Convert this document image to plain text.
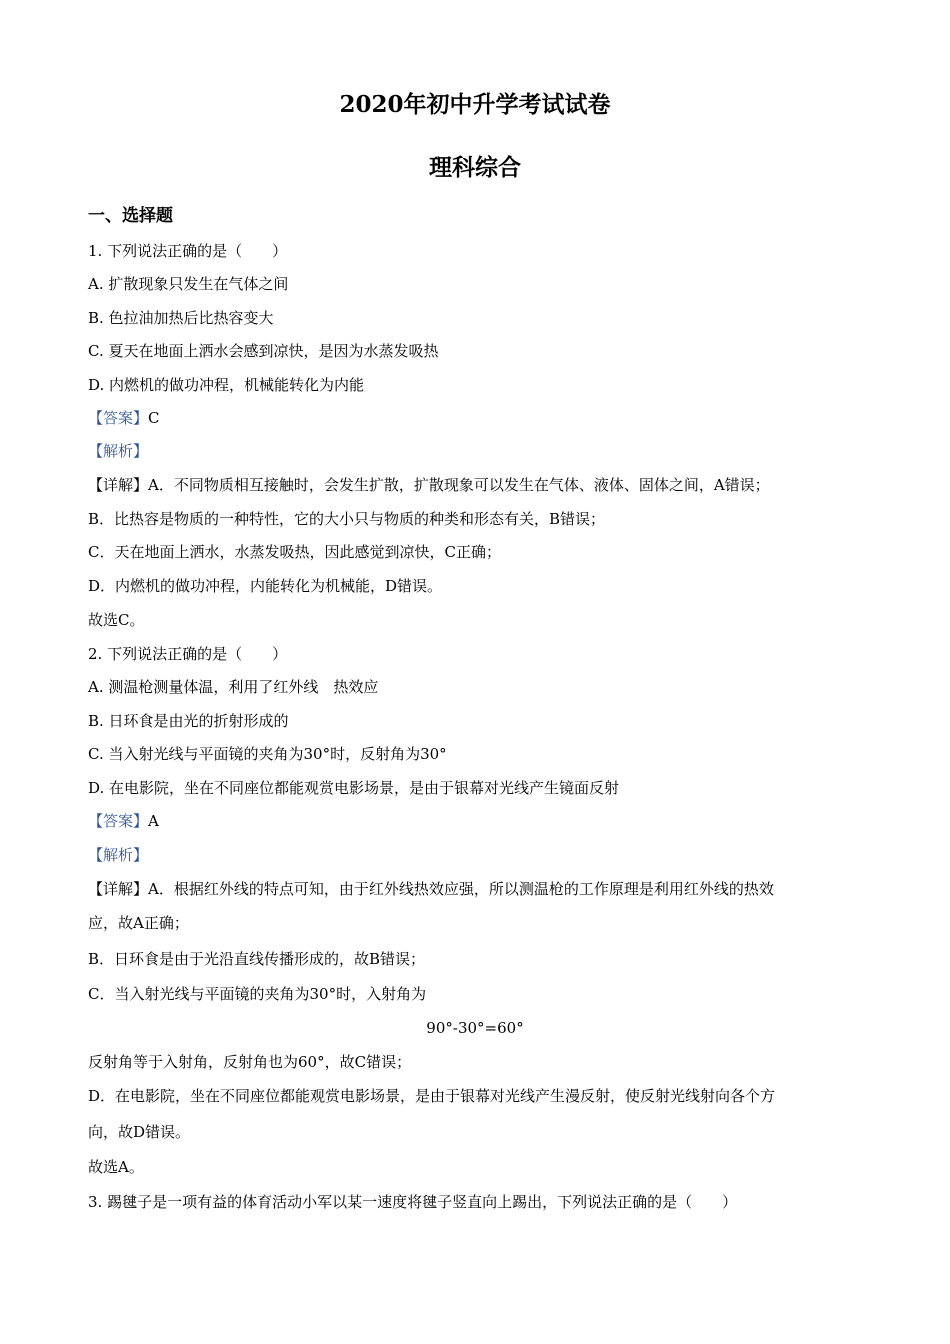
2020年初中升学考试试卷
理科综合
一、选择题
1. 下列说法正确的是（　　）
A. 扩散现象只发生在气体之间
B. 色拉油加热后比热容变大
C. 夏天在地面上洒水会感到凉快，是因为水蒸发吸热
D. 内燃机的做功冲程，机械能转化为内能
【答案】C
【解析】
【详解】A．不同物质相互接触时，会发生扩散，扩散现象可以发生在气体、液体、固体之间，A错误；
B．比热容是物质的一种特性，它的大小只与物质的种类和形态有关，B错误；
C．天在地面上洒水，水蒸发吸热，因此感觉到凉快，C正确；
D．内燃机的做功冲程，内能转化为机械能，D错误。
故选C。
2. 下列说法正确的是（　　）
A. 测温枪测量体温，利用了红外线　热效应
B. 日环食是由光的折射形成的
C. 当入射光线与平面镜的夹角为30°时，反射角为30°
D. 在电影院，坐在不同座位都能观赏电影场景，是由于银幕对光线产生镜面反射
【答案】A
【解析】
【详解】A．根据红外线的特点可知，由于红外线热效应强，所以测温枪的工作原理是利用红外线的热效
应，故A正确；
B．日环食是由于光沿直线传播形成的，故B错误；
C．当入射光线与平面镜的夹角为30°时，入射角为
90°-30°=60°
反射角等于入射角，反射角也为60°，故C错误；
D．在电影院，坐在不同座位都能观赏电影场景，是由于银幕对光线产生漫反射，使反射光线射向各个方
向，故D错误。
故选A。
3. 踢毽子是一项有益的体育活动小军以某一速度将毽子竖直向上踢出，下列说法正确的是（　　）
